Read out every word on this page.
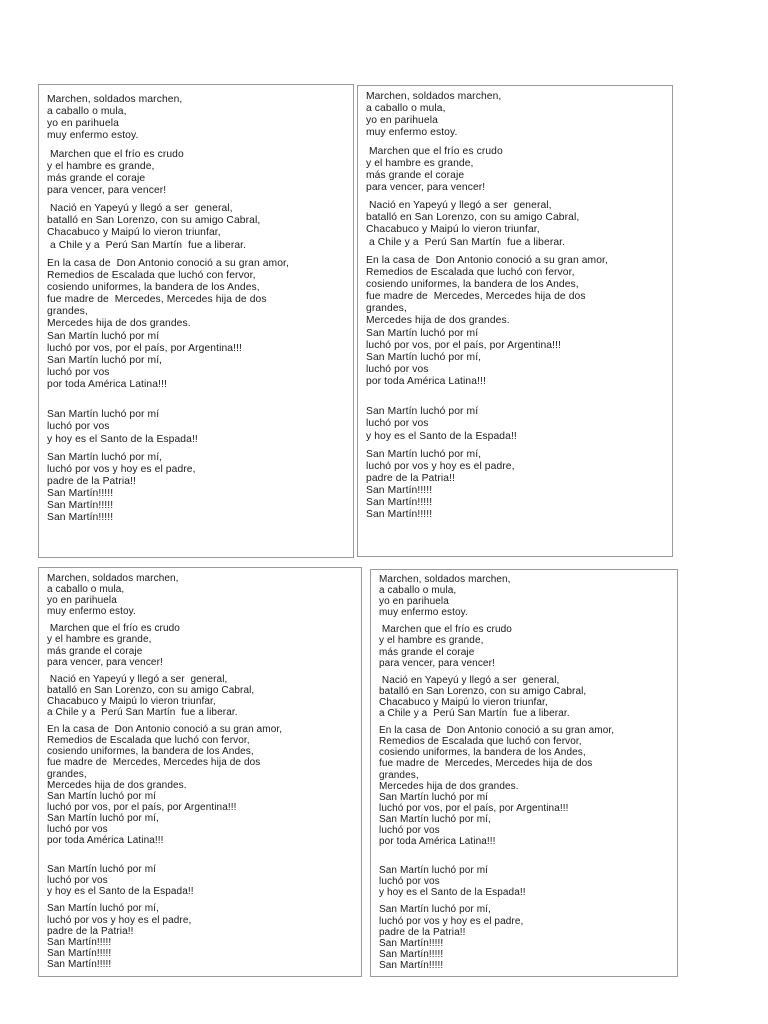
Marchen, soldados marchen,
a caballo o mula,
yo en parihuela
muy enfermo estoy.
Marchen que el frío es crudo
y el hambre es grande,
más grande el coraje
para vencer, para vencer!
Nació en Yapeyú y llegó a ser  general,
batalló en San Lorenzo, con su amigo Cabral,
Chacabuco y Maipú lo vieron triunfar,
a Chile y a  Perú San Martín  fue a liberar.
En la casa de  Don Antonio conoció a su gran amor,
Remedios de Escalada que luchó con fervor,
cosiendo uniformes, la bandera de los Andes,
fue madre de  Mercedes, Mercedes hija de dos
grandes,
Mercedes hija de dos grandes.
San Martín luchó por mí
luchó por vos, por el país, por Argentina!!!
San Martín luchó por mí,
luchó por vos
por toda América Latina!!!
San Martín luchó por mí
luchó por vos
y hoy es el Santo de la Espada!!
San Martín luchó por mí,
luchó por vos y hoy es el padre,
padre de la Patria!!
San Martín!!!!!
San Martín!!!!!
San Martín!!!!!
Marchen, soldados marchen,
a caballo o mula,
yo en parihuela
muy enfermo estoy.
Marchen que el frío es crudo
y el hambre es grande,
más grande el coraje
para vencer, para vencer!
Nació en Yapeyú y llegó a ser  general,
batalló en San Lorenzo, con su amigo Cabral,
Chacabuco y Maipú lo vieron triunfar,
a Chile y a  Perú San Martín  fue a liberar.
En la casa de  Don Antonio conoció a su gran amor,
Remedios de Escalada que luchó con fervor,
cosiendo uniformes, la bandera de los Andes,
fue madre de  Mercedes, Mercedes hija de dos
grandes,
Mercedes hija de dos grandes.
San Martín luchó por mí
luchó por vos, por el país, por Argentina!!!
San Martín luchó por mí,
luchó por vos
por toda América Latina!!!
San Martín luchó por mí
luchó por vos
y hoy es el Santo de la Espada!!
San Martín luchó por mí,
luchó por vos y hoy es el padre,
padre de la Patria!!
San Martín!!!!!
San Martín!!!!!
San Martín!!!!!
Marchen, soldados marchen,
a caballo o mula,
yo en parihuela
muy enfermo estoy.
Marchen que el frío es crudo
y el hambre es grande,
más grande el coraje
para vencer, para vencer!
Nació en Yapeyú y llegó a ser  general,
batalló en San Lorenzo, con su amigo Cabral,
Chacabuco y Maipú lo vieron triunfar,
a Chile y a  Perú San Martín  fue a liberar.
En la casa de  Don Antonio conoció a su gran amor,
Remedios de Escalada que luchó con fervor,
cosiendo uniformes, la bandera de los Andes,
fue madre de  Mercedes, Mercedes hija de dos
grandes,
Mercedes hija de dos grandes.
San Martín luchó por mí
luchó por vos, por el país, por Argentina!!!
San Martín luchó por mí,
luchó por vos
por toda América Latina!!!
San Martín luchó por mí
luchó por vos
y hoy es el Santo de la Espada!!
San Martín luchó por mí,
luchó por vos y hoy es el padre,
padre de la Patria!!
San Martín!!!!!
San Martín!!!!!
San Martín!!!!!
Marchen, soldados marchen,
a caballo o mula,
yo en parihuela
muy enfermo estoy.
Marchen que el frío es crudo
y el hambre es grande,
más grande el coraje
para vencer, para vencer!
Nació en Yapeyú y llegó a ser  general,
batalló en San Lorenzo, con su amigo Cabral,
Chacabuco y Maipú lo vieron triunfar,
a Chile y a  Perú San Martín  fue a liberar.
En la casa de  Don Antonio conoció a su gran amor,
Remedios de Escalada que luchó con fervor,
cosiendo uniformes, la bandera de los Andes,
fue madre de  Mercedes, Mercedes hija de dos
grandes,
Mercedes hija de dos grandes.
San Martín luchó por mí
luchó por vos, por el país, por Argentina!!!
San Martín luchó por mí,
luchó por vos
por toda América Latina!!!
San Martín luchó por mí
luchó por vos
y hoy es el Santo de la Espada!!
San Martín luchó por mí,
luchó por vos y hoy es el padre,
padre de la Patria!!
San Martín!!!!!
San Martín!!!!!
San Martín!!!!!
